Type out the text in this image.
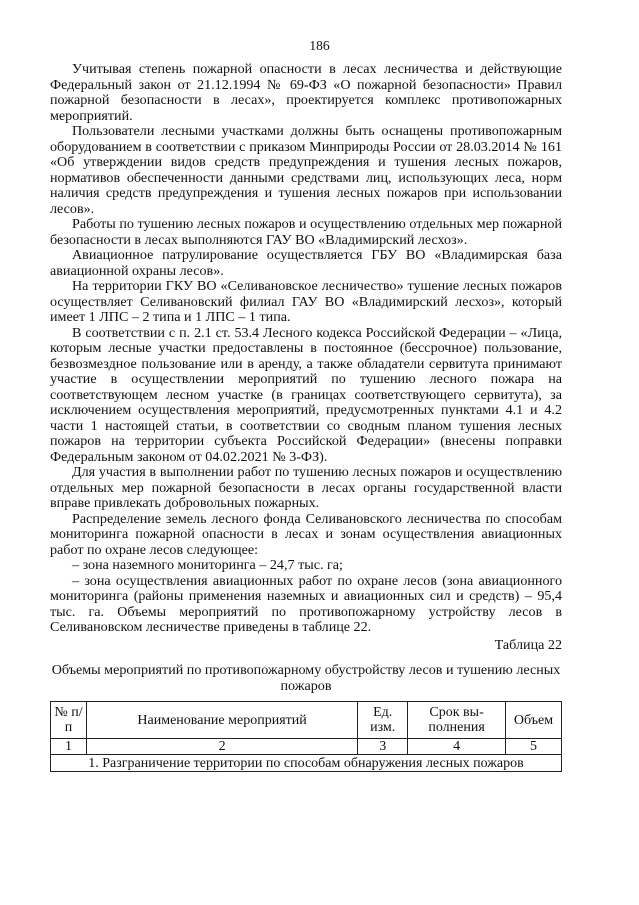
186

Учитывая степень пожарной опасности в лесах лесничества и действующие Федеральный закон от 21.12.1994 № 69-ФЗ «О пожарной безопасности» Правил пожарной безопасности в лесах», проектируется комплекс противопожарных мероприятий.

Пользователи лесными участками должны быть оснащены противопожарным оборудованием в соответствии с приказом Минприроды России от 28.03.2014 № 161 «Об утверждении видов средств предупреждения и тушения лесных пожаров, нормативов обеспеченности данными средствами лиц, использующих леса, норм наличия средств предупреждения и тушения лесных пожаров при использовании лесов».

Работы по тушению лесных пожаров и осуществлению отдельных мер пожарной безопасности в лесах выполняются ГАУ ВО «Владимирский лесхоз».

Авиационное патрулирование осуществляется ГБУ ВО «Владимирская база авиационной охраны лесов».

На территории ГКУ ВО «Селивановское лесничество» тушение лесных пожаров осуществляет Селивановский филиал ГАУ ВО «Владимирский лесхоз», который имеет 1 ЛПС – 2 типа и 1 ЛПС – 1 типа.

В соответствии с п. 2.1 ст. 53.4 Лесного кодекса Российской Федерации – «Лица, которым лесные участки предоставлены в постоянное (бессрочное) пользование, безвозмездное пользование или в аренду, а также обладатели сервитута принимают участие в осуществлении мероприятий по тушению лесного пожара на соответствующем лесном участке (в границах соответствующего сервитута), за исключением осуществления мероприятий, предусмотренных пунктами 4.1 и 4.2 части 1 настоящей статьи, в соответствии со сводным планом тушения лесных пожаров на территории субъекта Российской Федерации» (внесены поправки Федеральным законом от 04.02.2021 № 3-ФЗ).

Для участия в выполнении работ по тушению лесных пожаров и осуществлению отдельных мер пожарной безопасности в лесах органы государственной власти вправе привлекать добровольных пожарных.

Распределение земель лесного фонда Селивановского лесничества по способам мониторинга пожарной опасности в лесах и зонам осуществления авиационных работ по охране лесов следующее:

– зона наземного мониторинга – 24,7 тыс. га;

– зона осуществления авиационных работ по охране лесов (зона авиационного мониторинга (районы применения наземных и авиационных сил и средств) – 95,4 тыс. га. Объемы мероприятий по противопожарному устройству лесов в Селивановском лесничестве приведены в таблице 22.

Таблица 22

Объемы мероприятий по противопожарному обустройству лесов и тушению лесных пожаров

№ п/п	Наименование мероприятий	Ед. изм.	Срок вы-полнения	Объем
1	2	3	4	5
1. Разграничение территории по способам обнаружения лесных пожаров				
